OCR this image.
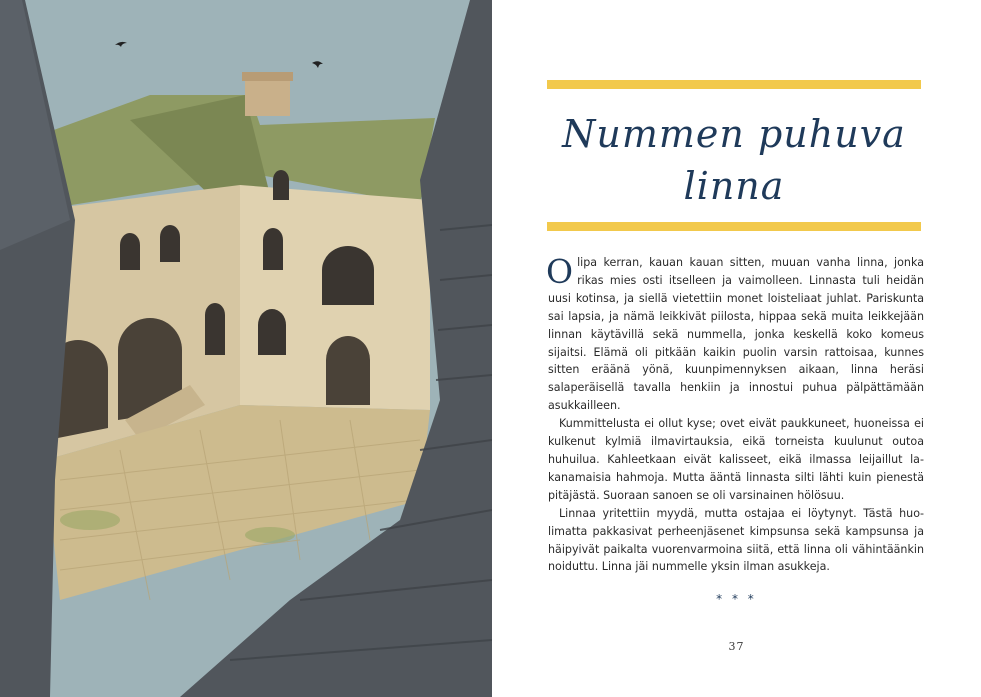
Nummen puhuva
linna

Olipa kerran, kauan kauan sitten, muuan vanha linna, jonka rikas mies osti itselleen ja vaimolleen. Linnasta tuli heidän uusi kotinsa, ja siellä vietettiin monet loisteliaat juhlat. Pariskunta sai lapsia, ja nämä leikkivät piilosta, hippaa sekä muita leikkejään linnan käytävillä sekä nummella, jonka keskellä koko komeus sijaitsi. Elämä oli pitkään kaikin puolin varsin rattoisaa, kunnes sitten eräänä yönä, kuunpimennyksen aikaan, linna heräsi salaperäisellä tavalla henkiin ja innostui puhua pälpättämään asukkailleen.

Kummittelusta ei ollut kyse; ovet eivät paukkuneet, huoneissa ei kulkenut kylmiä ilmavirtauksia, eikä torneista kuulunut outoa huhuilua. Kahleetkaan eivät kalisseet, eikä ilmassa leijaillut lakanamaisia hahmoja. Mutta ääntä linnasta silti lähti kuin pienestä pitäjästä. Suoraan sanoen se oli varsinainen hölösuu.

Linnaa yritettiin myydä, mutta ostajaa ei löytynyt. Tästä huolimatta pakkasivat perheenjäsenet kimpsunsa sekä kampsunsa ja häipyivät paikalta vuorenvarmoina siitä, että linna oli vähintäänkin noiduttu. Linna jäi nummelle yksin ilman asukkeja.

* * *
37
